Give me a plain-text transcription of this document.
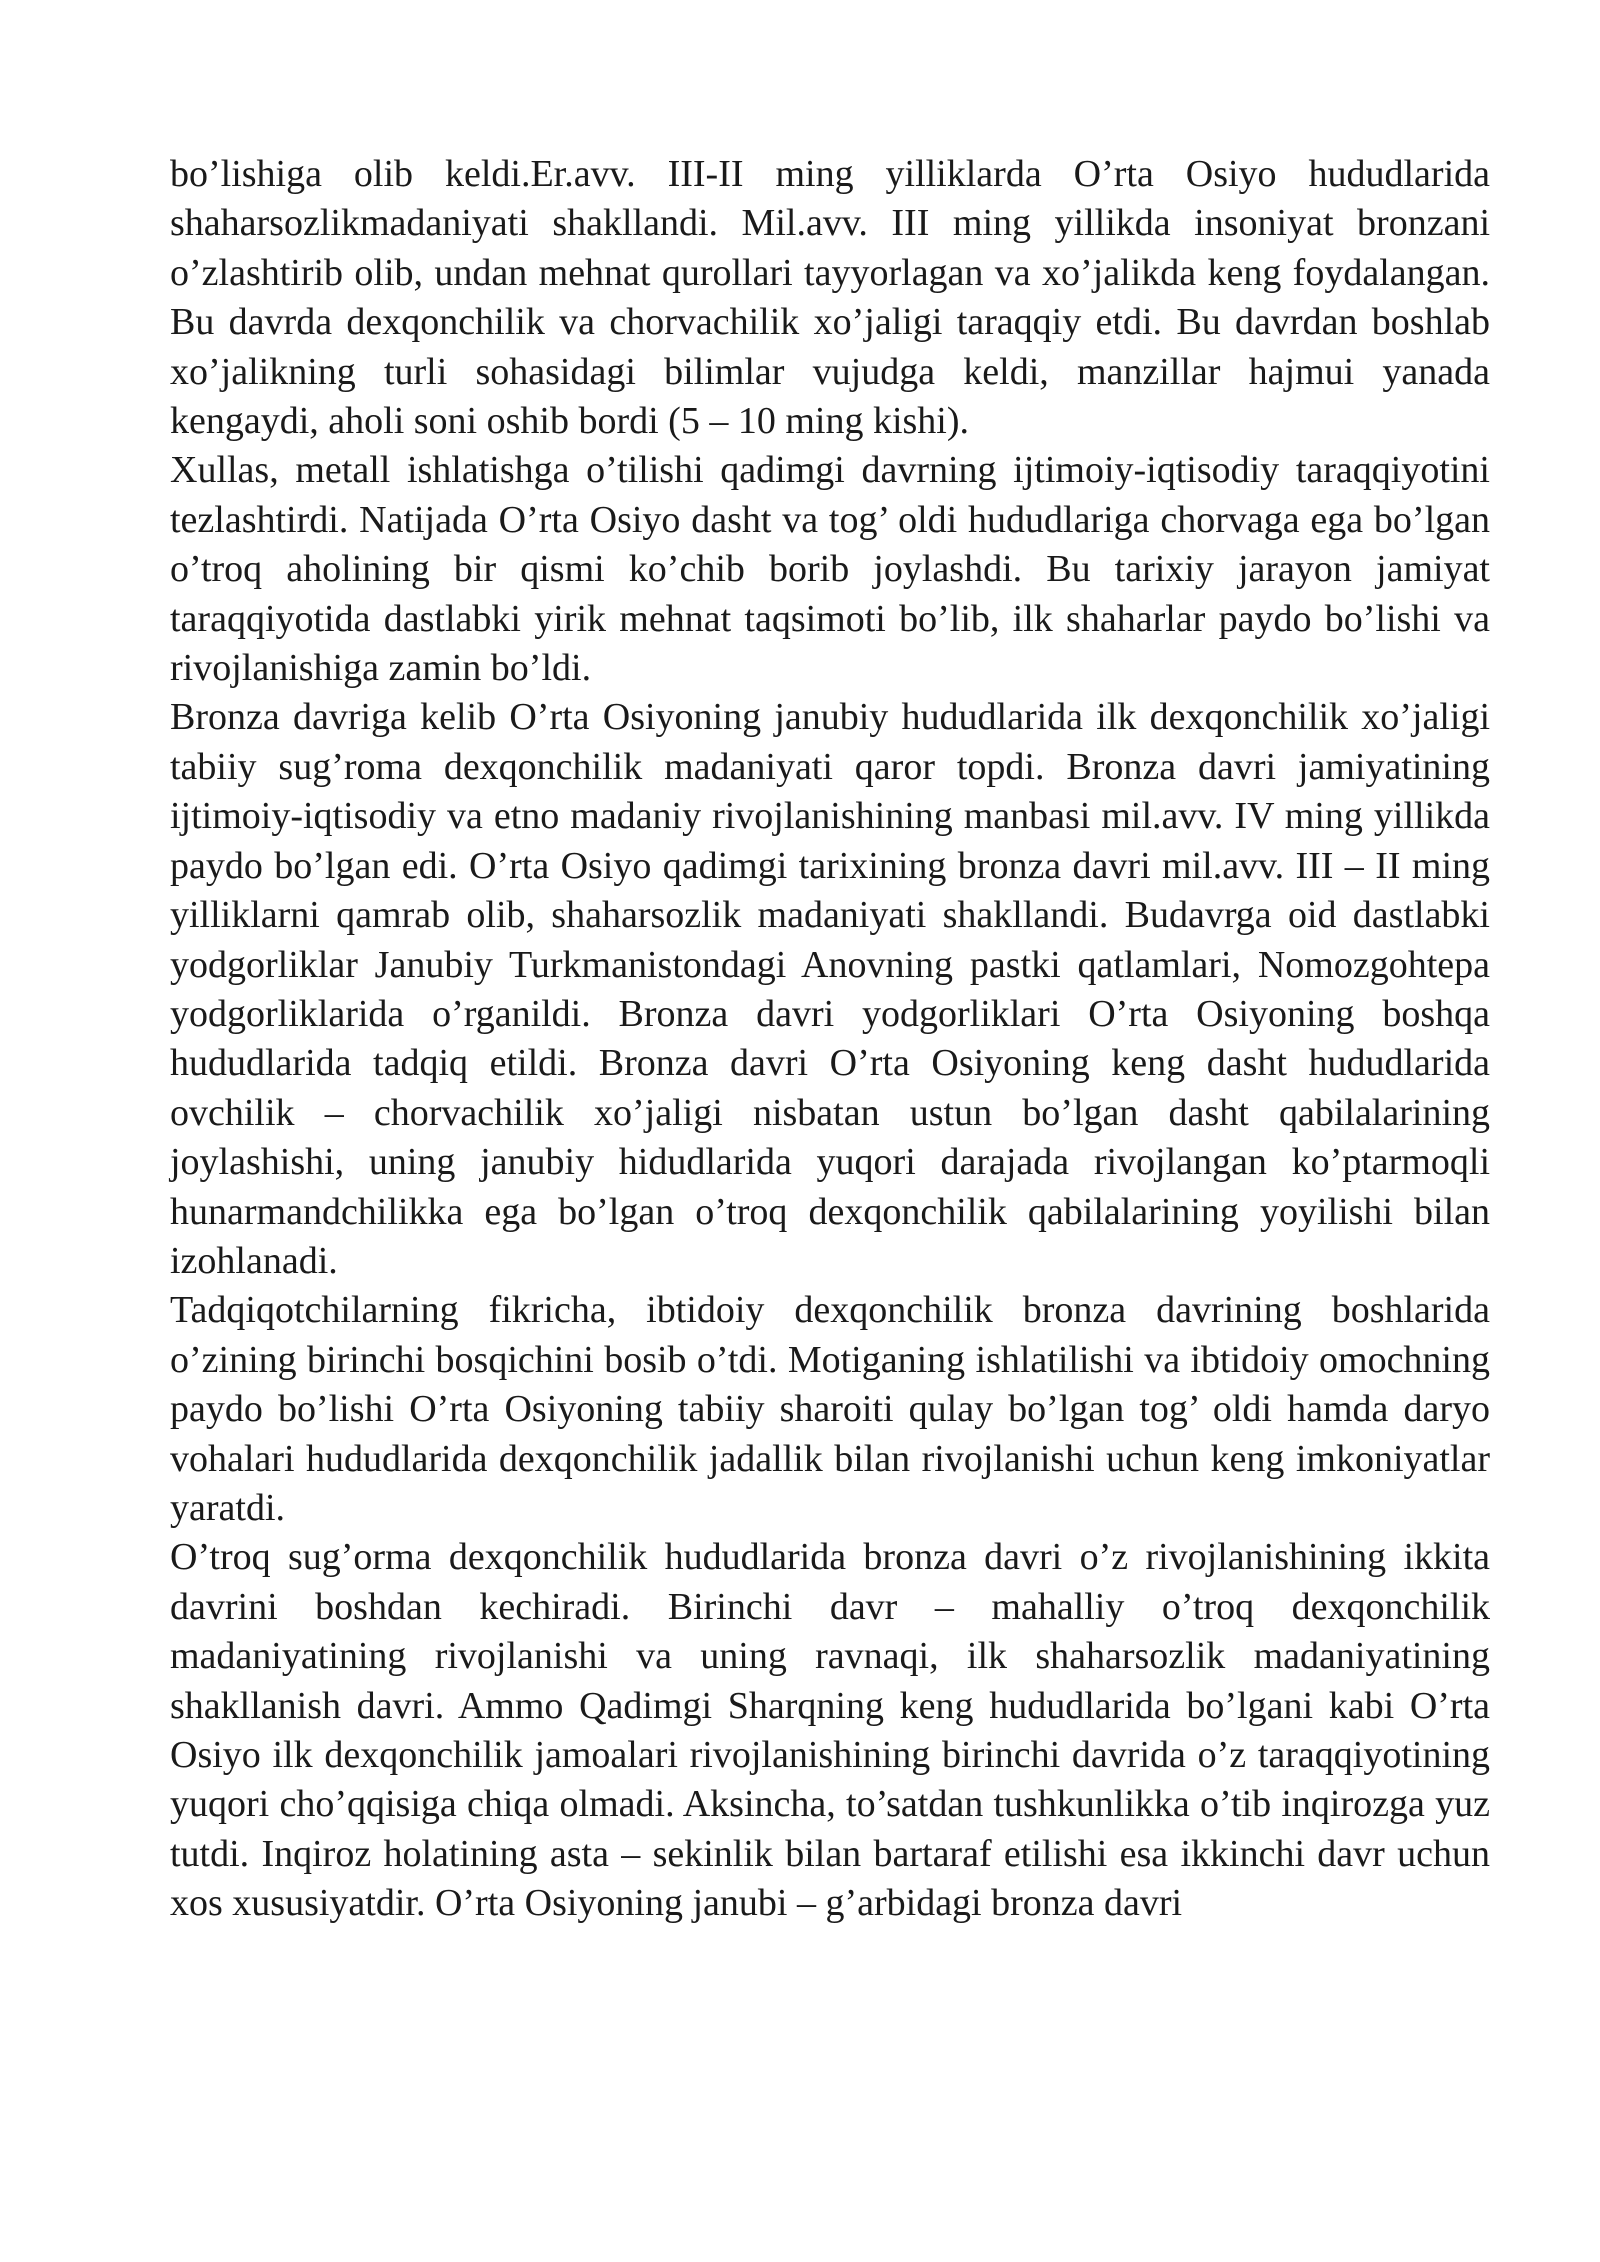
bo’lishiga olib keldi.Er.avv. III-II ming yilliklarda O’rta Osiyo hududlarida shaharsozlikmadaniyati shakllandi. Mil.avv. III ming yillikda insoniyat bronzani o’zlashtirib olib, undan mehnat qurollari tayyorlagan va xo’jalikda keng foydalangan. Bu davrda dexqonchilik va chorvachilik xo’jaligi taraqqiy etdi. Bu davrdan boshlab xo’jalikning turli sohasidagi bilimlar vujudga keldi, manzillar hajmui yanada kengaydi, aholi soni oshib bordi (5 – 10 ming kishi).

Xullas, metall ishlatishga o’tilishi qadimgi davrning ijtimoiy-iqtisodiy taraqqiyotini tezlashtirdi. Natijada O’rta Osiyo dasht va tog’ oldi hududlariga chorvaga ega bo’lgan o’troq aholining bir qismi ko’chib borib joylashdi. Bu tarixiy jarayon jamiyat taraqqiyotida dastlabki yirik mehnat taqsimoti bo’lib, ilk shaharlar paydo bo’lishi va rivojlanishiga zamin bo’ldi.

Bronza davriga kelib O’rta Osiyoning janubiy hududlarida ilk dexqonchilik xo’jaligi tabiiy sug’roma dexqonchilik madaniyati qaror topdi. Bronza davri jamiyatining ijtimoiy-iqtisodiy va etno madaniy rivojlanishining manbasi mil.avv. IV ming yillikda paydo bo’lgan edi. O’rta Osiyo qadimgi tarixining bronza davri mil.avv. III – II ming yilliklarni qamrab olib, shaharsozlik madaniyati shakllandi. Budavrga oid dastlabki yodgorliklar Janubiy Turkmanistondagi Anovning pastki qatlamlari, Nomozgohtepa yodgorliklarida o’rganildi. Bronza davri yodgorliklari O’rta Osiyoning boshqa hududlarida tadqiq etildi. Bronza davri O’rta Osiyoning keng dasht hududlarida ovchilik – chorvachilik xo’jaligi nisbatan ustun bo’lgan dasht qabilalarining joylashishi, uning janubiy hidudlarida yuqori darajada rivojlangan ko’ptarmoqli hunarmandchilikka ega bo’lgan o’troq dexqonchilik qabilalarining yoyilishi bilan izohlanadi.

Tadqiqotchilarning fikricha, ibtidoiy dexqonchilik bronza davrining boshlarida o’zining birinchi bosqichini bosib o’tdi. Motiganing ishlatilishi va ibtidoiy omochning paydo bo’lishi O’rta Osiyoning tabiiy sharoiti qulay bo’lgan tog’ oldi hamda daryo vohalari hududlarida dexqonchilik jadallik bilan rivojlanishi uchun keng imkoniyatlar yaratdi.

O’troq sug’orma dexqonchilik hududlarida bronza davri o’z rivojlanishining ikkita davrini boshdan kechiradi. Birinchi davr – mahalliy o’troq dexqonchilik madaniyatining rivojlanishi va uning ravnaqi, ilk shaharsozlik madaniyatining shakllanish davri. Ammo Qadimgi Sharqning keng hududlarida bo’lgani kabi O’rta Osiyo ilk dexqonchilik jamoalari rivojlanishining birinchi davrida o’z taraqqiyotining yuqori cho’qqisiga chiqa olmadi. Aksincha, to’satdan tushkunlikka o’tib inqirozga yuz tutdi. Inqiroz holatining asta – sekinlik bilan bartaraf etilishi esa ikkinchi davr uchun xos xususiyatdir. O’rta Osiyoning janubi – g’arbidagi bronza davri
